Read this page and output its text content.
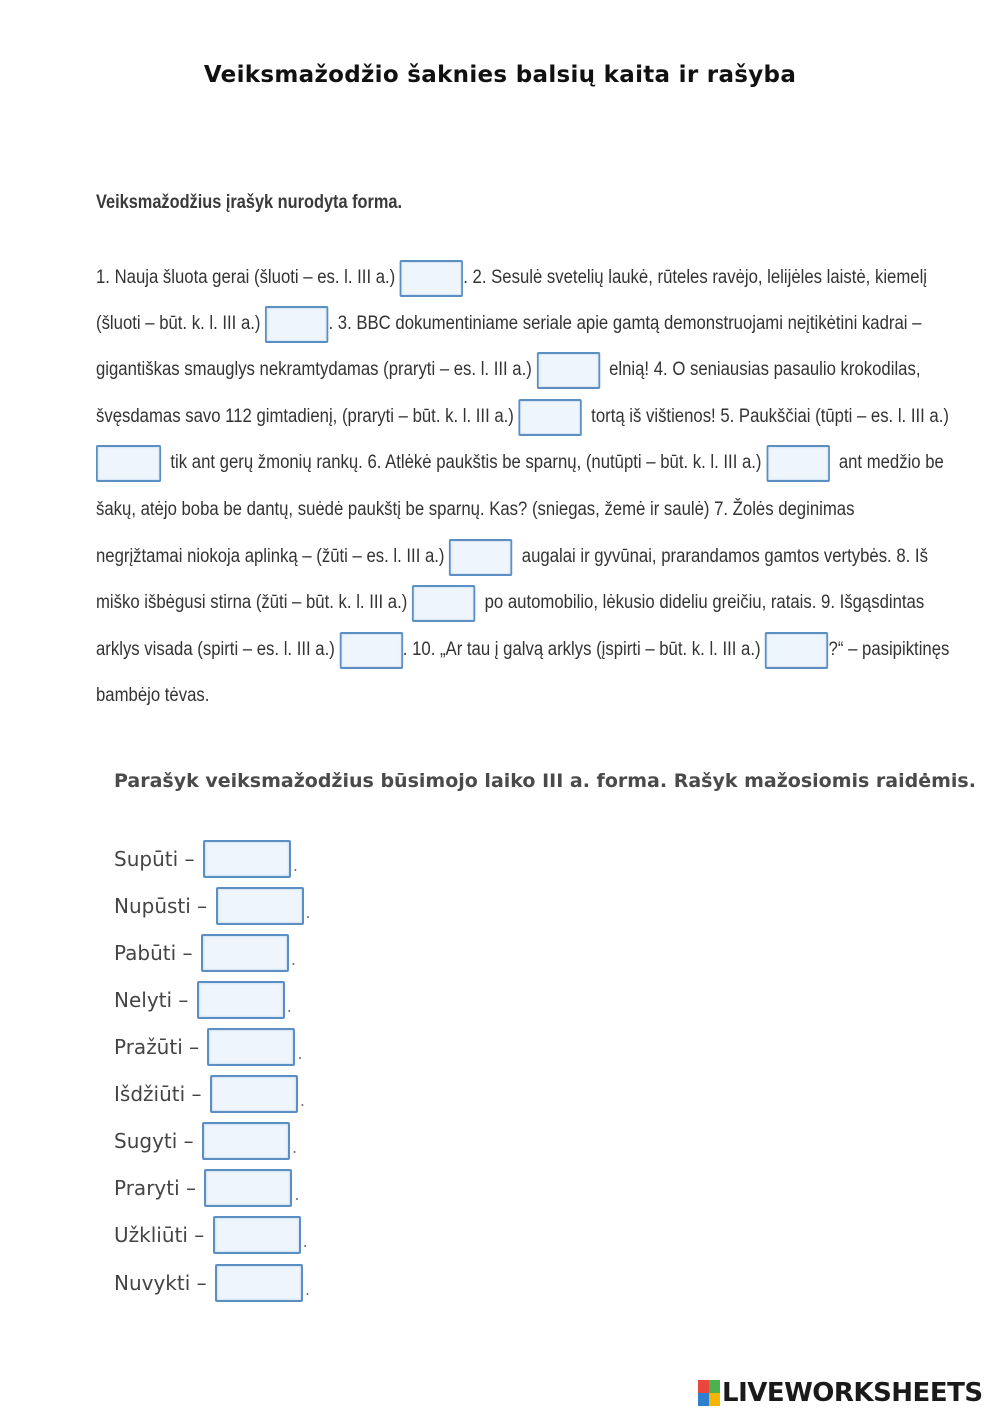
Veiksmažodžio šaknies balsių kaita ir rašyba
Veiksmažodžius įrašyk nurodyta forma.
1. Nauja šluota gerai (šluoti – es. l. III a.)
	. 2. Sesulė svetelių laukė, rūteles ravėjo, lelijėles laistė, kiemelį
(šluoti – būt. k. l. III a.)
	. 3. BBC dokumentiniame seriale apie gamtą demonstruojami neįtikėtini kadrai –
gigantiškas smauglys nekramtydamas (praryti – es. l. III a.)

	elnią! 4. O seniausias pasaulio krokodilas,
švęsdamas savo 112 gimtadienį, (praryti – būt. k. l. III a.)

	tortą iš vištienos! 5. Paukščiai (tūpti – es. l. III a.)

tik ant gerų žmonių rankų. 6. Atlėkė paukštis be sparnų, (nutūpti – būt. k. l. III a.)

	ant medžio be
šakų, atėjo boba be dantų, suėdė paukštį be sparnų. Kas? (sniegas, žemė ir saulė) 7. Žolės deginimas
negrįžtamai niokoja aplinką – (žūti – es. l. III a.)

	augalai ir gyvūnai, prarandamos gamtos vertybės. 8. Iš
miško išbėgusi stirna (žūti – būt. k. l. III a.)

	po automobilio, lėkusio dideliu greičiu, ratais. 9. Išgąsdintas
arklys visada (spirti – es. l. III a.)
	. 10. „Ar tau į galvą arklys (įspirti – būt. k. l. III a.)
	?“ – pasipiktinęs
bambėjo tėvas.
Parašyk veiksmažodžius būsimojo laiko III a. forma. Rašyk mažosiomis raidėmis.
Supūti –
	.
Nupūsti –
	.
Pabūti –
	.
Nelyti –
	.
Pražūti –
	.
Išdžiūti –
	.
Sugyti –
	.
Praryti –
	.
Užkliūti –
	.
Nuvykti –
	.
LIVEWORKSHEETS
